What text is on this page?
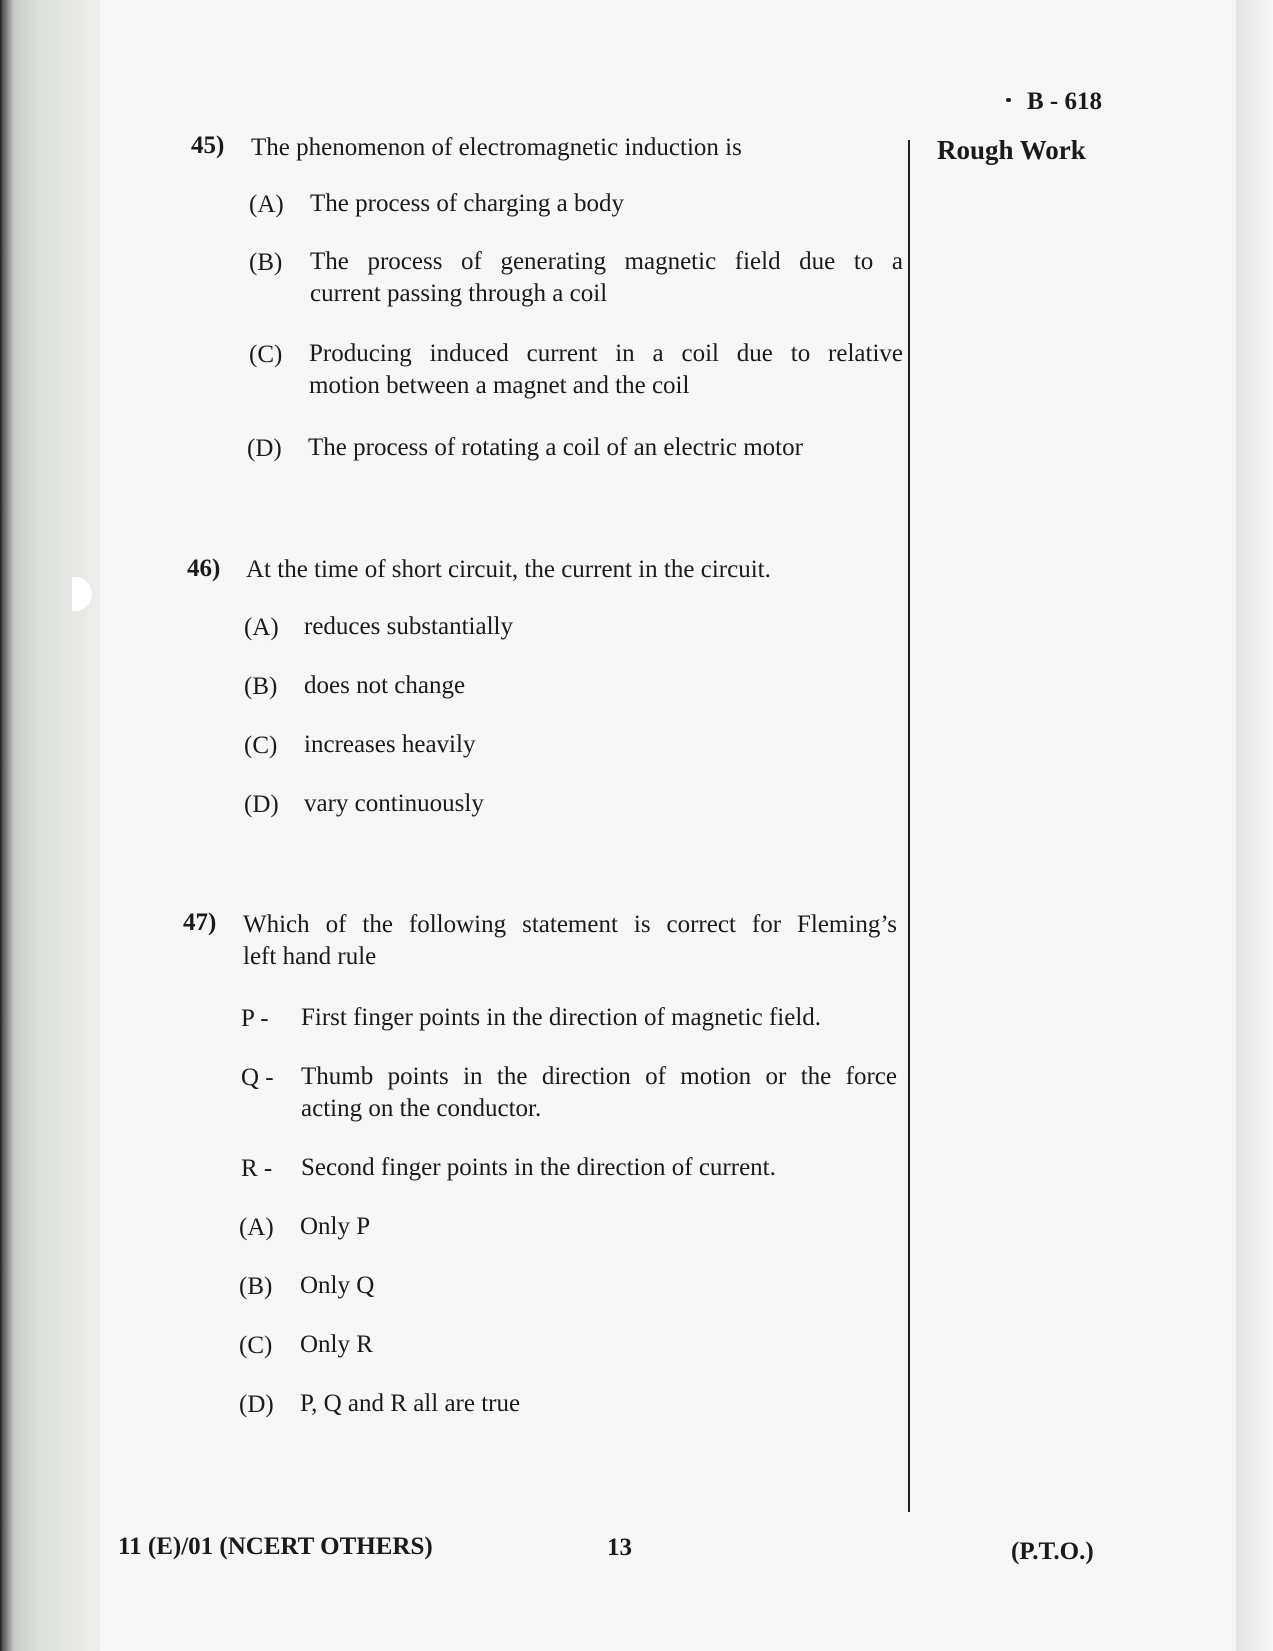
B - 618
Rough Work
45) The phenomenon of electromagnetic induction is
(A) The process of charging a body
(B) The process of generating magnetic field due to a
current passing through a coil
(C) Producing induced current in a coil due to relative
motion between a magnet and the coil
(D) The process of rotating a coil of an electric motor
46) At the time of short circuit, the current in the circuit.
(A) reduces substantially
(B) does not change
(C) increases heavily
(D) vary continuously
47) Which of the following statement is correct for Fleming’s
left hand rule
P - First finger points in the direction of magnetic field.
Q - Thumb points in the direction of motion or the force
acting on the conductor.
R - Second finger points in the direction of current.
(A) Only P
(B) Only Q
(C) Only R
(D) P, Q and R all are true
11 (E)/01 (NCERT OTHERS)	13	(P.T.O.)
